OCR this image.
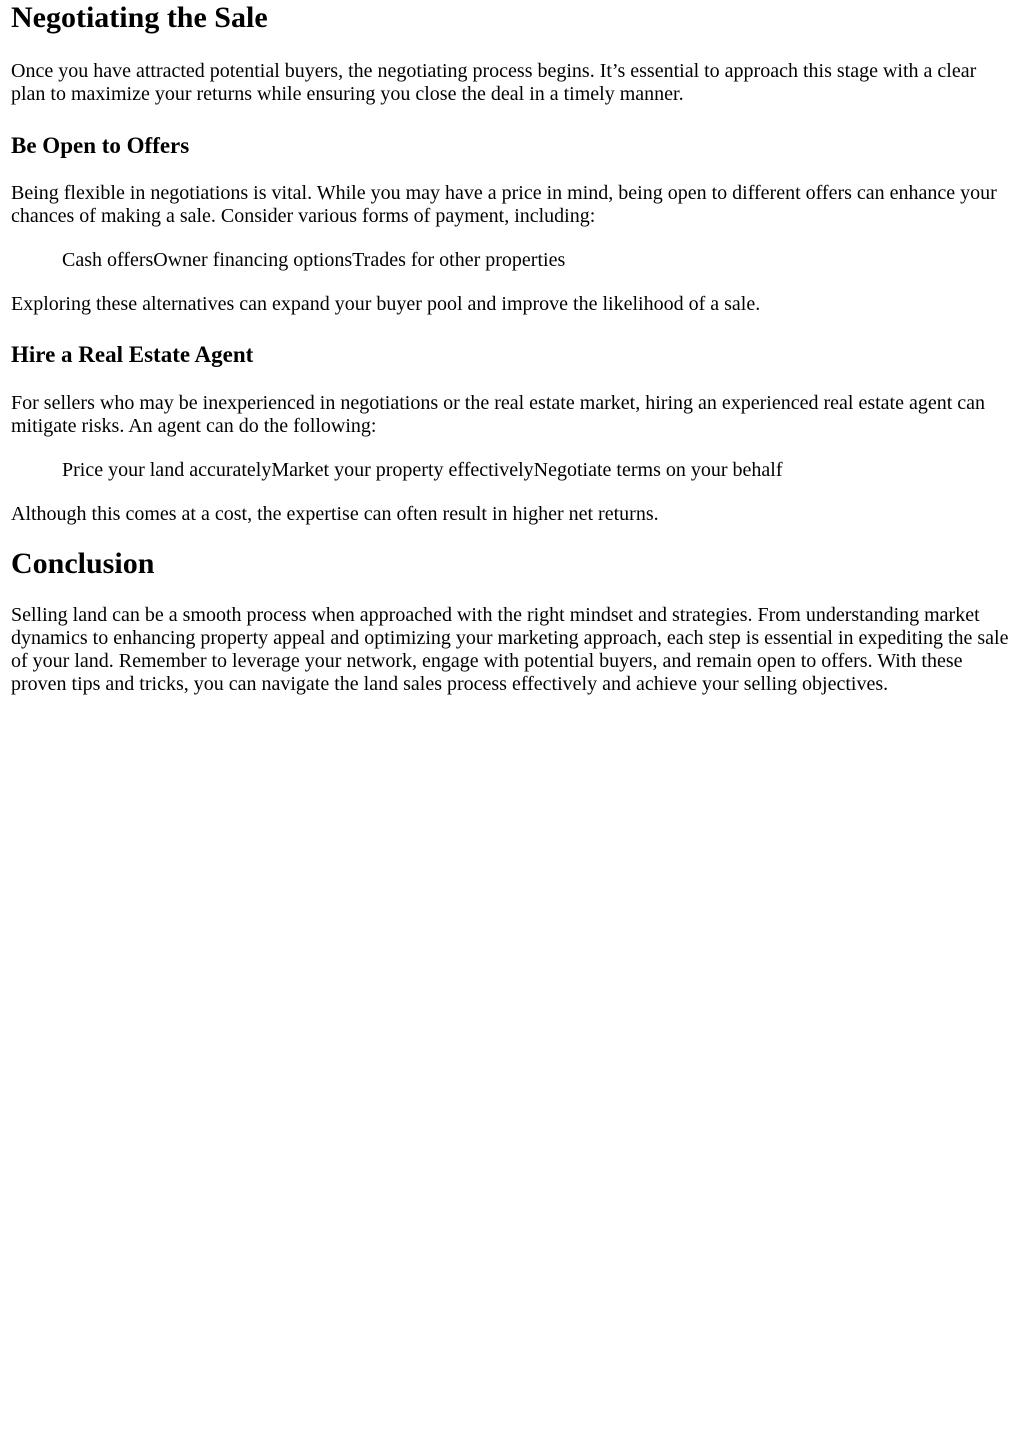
Negotiating the Sale

Once you have attracted potential buyers, the negotiating process begins. It’s essential to approach this stage with a clear plan to maximize your returns while ensuring you close the deal in a timely manner.

Be Open to Offers

Being flexible in negotiations is vital. While you may have a price in mind, being open to different offers can enhance your chances of making a sale. Consider various forms of payment, including:

Cash offers Owner financing options Trades for other properties

Exploring these alternatives can expand your buyer pool and improve the likelihood of a sale.

Hire a Real Estate Agent

For sellers who may be inexperienced in negotiations or the real estate market, hiring an experienced real estate agent can mitigate risks. An agent can do the following:

Price your land accurately Market your property effectively Negotiate terms on your behalf

Although this comes at a cost, the expertise can often result in higher net returns.

Conclusion

Selling land can be a smooth process when approached with the right mindset and strategies. From understanding market dynamics to enhancing property appeal and optimizing your marketing approach, each step is essential in expediting the sale of your land. Remember to leverage your network, engage with potential buyers, and remain open to offers. With these proven tips and tricks, you can navigate the land sales process effectively and achieve your selling objectives.
